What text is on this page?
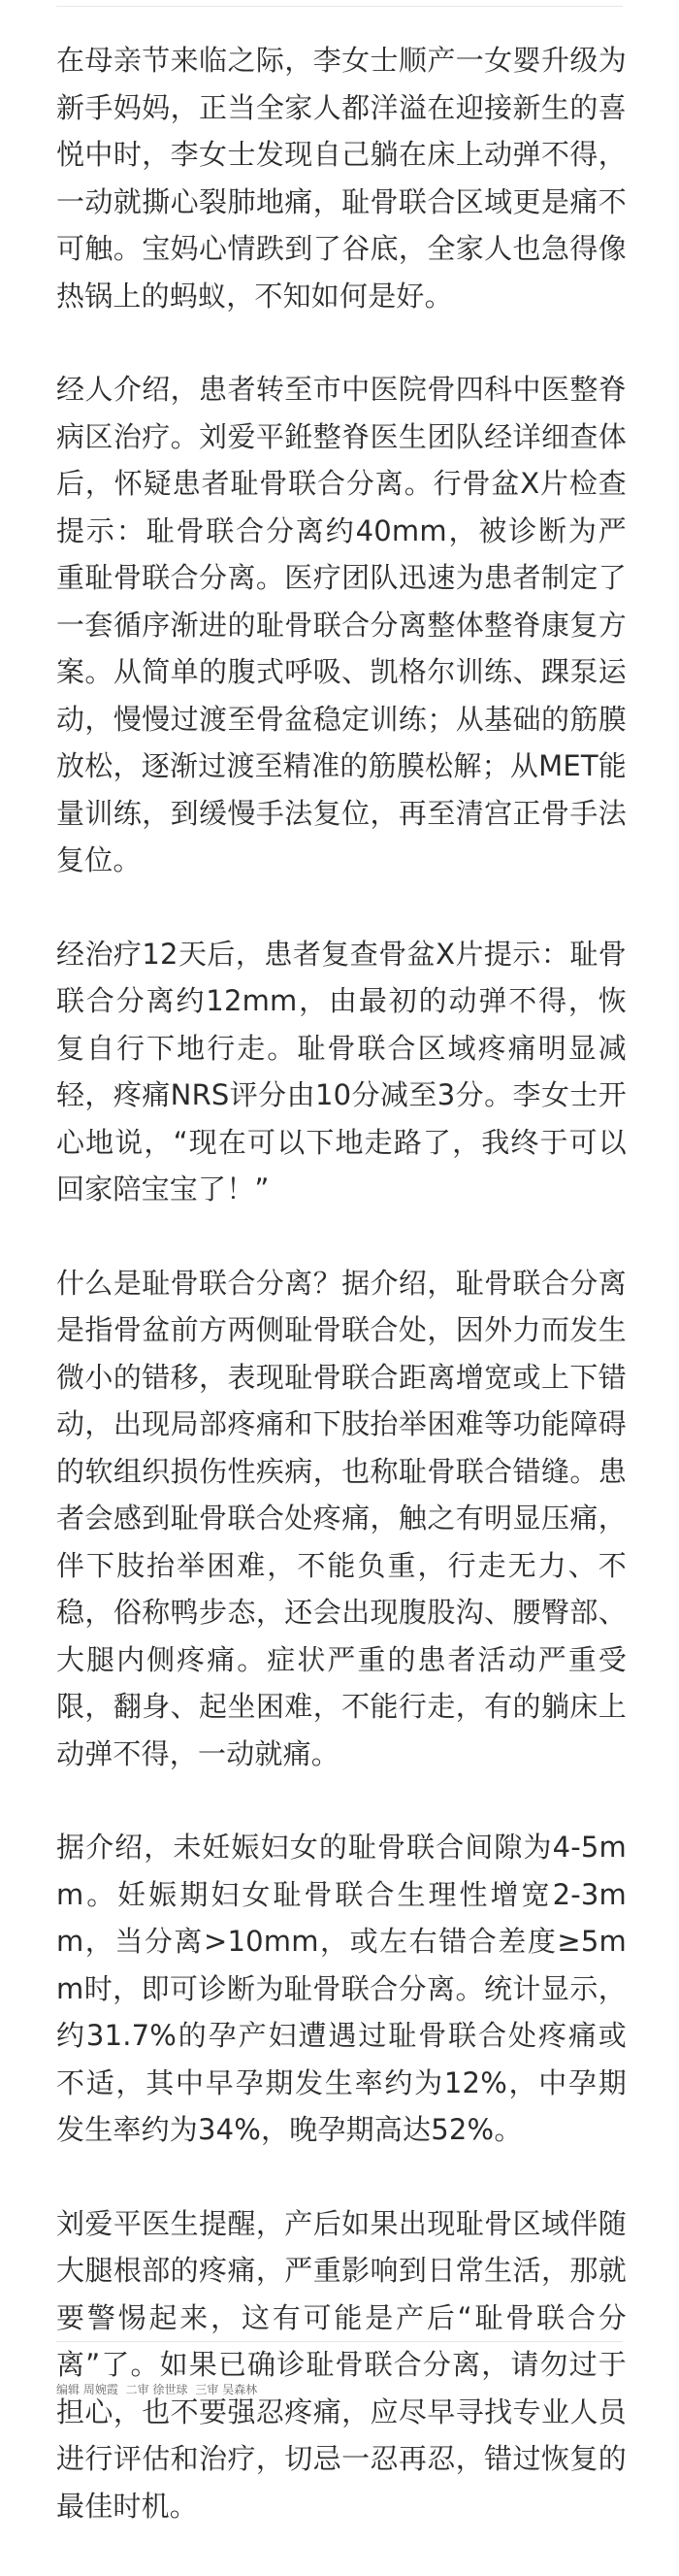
在母亲节来临之际，李女士顺产一女婴升级为新手妈妈，正当全家人都洋溢在迎接新生的喜悦中时，李女士发现自己躺在床上动弹不得，一动就撕心裂肺地痛，耻骨联合区域更是痛不可触。宝妈心情跌到了谷底，全家人也急得像热锅上的蚂蚁，不知如何是好。

经人介绍，患者转至市中医院骨四科中医整脊病区治疗。刘爱平銋整脊医生团队经详细查体后，怀疑患者耻骨联合分离。行骨盆X片检查提示：耻骨联合分离约40mm，被诊断为严重耻骨联合分离。医疗团队迅速为患者制定了一套循序渐进的耻骨联合分离整体整脊康复方案。从简单的腹式呼吸、凯格尔训练、踝泵运动，慢慢过渡至骨盆稳定训练；从基础的筋膜放松，逐渐过渡至精准的筋膜松解；从MET能量训练，到缓慢手法复位，再至清宫正骨手法复位。

经治疗12天后，患者复查骨盆X片提示：耻骨联合分离约12mm，由最初的动弹不得，恢复自行下地行走。耻骨联合区域疼痛明显减轻，疼痛NRS评分由10分减至3分。李女士开心地说，“现在可以下地走路了，我终于可以回家陪宝宝了！”

什么是耻骨联合分离？据介绍，耻骨联合分离是指骨盆前方两侧耻骨联合处，因外力而发生微小的错移，表现耻骨联合距离增宽或上下错动，出现局部疼痛和下肢抬举困难等功能障碍的软组织损伤性疾病，也称耻骨联合错缝。患者会感到耻骨联合处疼痛，触之有明显压痛，伴下肢抬举困难，不能负重，行走无力、不稳，俗称鸭步态，还会出现腹股沟、腰臀部、大腿内侧疼痛。症状严重的患者活动严重受限，翻身、起坐困难，不能行走，有的躺床上动弹不得，一动就痛。

据介绍，未妊娠妇女的耻骨联合间隙为4-5mm。妊娠期妇女耻骨联合生理性增宽2-3mm，当分离>10mm，或左右错合差度≥5mm时，即可诊断为耻骨联合分离。统计显示，约31.7%的孕产妇遭遇过耻骨联合处疼痛或不适，其中早孕期发生率约为12%，中孕期发生率约为34%，晚孕期高达52%。

刘爱平医生提醒，产后如果出现耻骨区域伴随大腿根部的疼痛，严重影响到日常生活，那就要警惕起来，这有可能是产后“耻骨联合分离”了。如果已确诊耻骨联合分离，请勿过于担心，也不要强忍疼痛，应尽早寻找专业人员进行评估和治疗，切忌一忍再忍，错过恢复的最佳时机。

编辑 周婉霞 二审 徐世球 三审 吴森林
